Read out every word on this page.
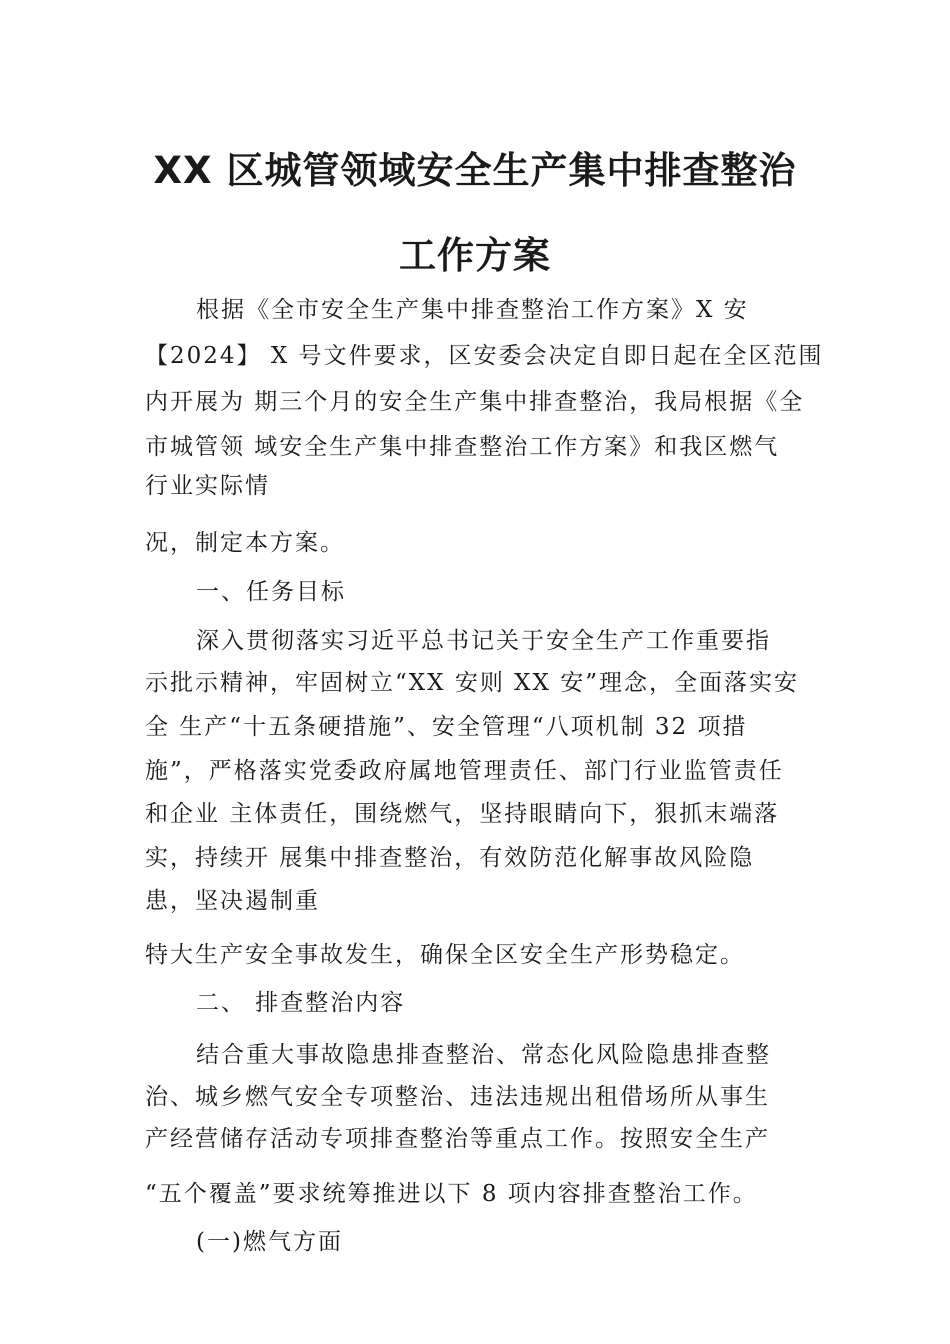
XX 区城管领域安全生产集中排查整治
工作方案

根据《全市安全生产集中排查整治工作方案》X 安

【2024】 X 号文件要求，区安委会决定自即日起在全区范围

内开展为 期三个月的安全生产集中排查整治，我局根据《全

市城管领 域安全生产集中排查整治工作方案》和我区燃气

行业实际情

况，制定本方案。

一、任务目标

深入贯彻落实习近平总书记关于安全生产工作重要指

示批示精神，牢固树立“XX 安则 XX 安”理念，全面落实安

全 生产“十五条硬措施”、安全管理“八项机制 32 项措

施”，严格落实党委政府属地管理责任、部门行业监管责任

和企业 主体责任，围绕燃气，坚持眼睛向下，狠抓末端落

实，持续开 展集中排查整治，有效防范化解事故风险隐

患，坚决遏制重

特大生产安全事故发生，确保全区安全生产形势稳定。

二、 排查整治内容

结合重大事故隐患排查整治、常态化风险隐患排查整

治、城乡燃气安全专项整治、违法违规出租借场所从事生

产经营储存活动专项排查整治等重点工作。按照安全生产

“五个覆盖”要求统筹推进以下 8 项内容排查整治工作。

(一)燃气方面
